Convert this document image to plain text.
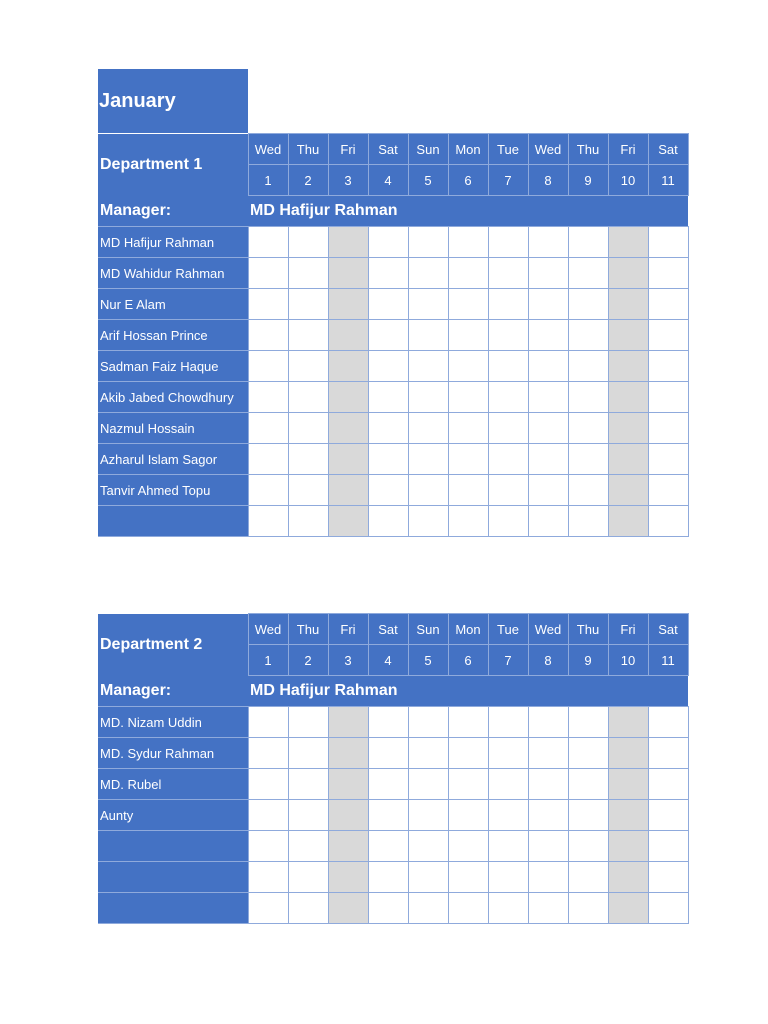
January
Department 1	Wed	Thu	Fri	Sat	Sun	Mon	Tue	Wed	Thu	Fri	Sat
	1	2	3	4	5	6	7	8	9	10	11
Manager:	MD Hafijur Rahman										
MD Hafijur Rahman											
MD Wahidur Rahman											
Nur E Alam											
Arif Hossan Prince											
Sadman Faiz Haque											
Akib Jabed Chowdhury											
Nazmul Hossain											
Azharul Islam Sagor											
Tanvir Ahmed Topu											

Department 2	Wed	Thu	Fri	Sat	Sun	Mon	Tue	Wed	Thu	Fri	Sat
	1	2	3	4	5	6	7	8	9	10	11
Manager:	MD Hafijur Rahman										
MD. Nizam Uddin											
MD. Sydur Rahman											
MD. Rubel											
Aunty											
